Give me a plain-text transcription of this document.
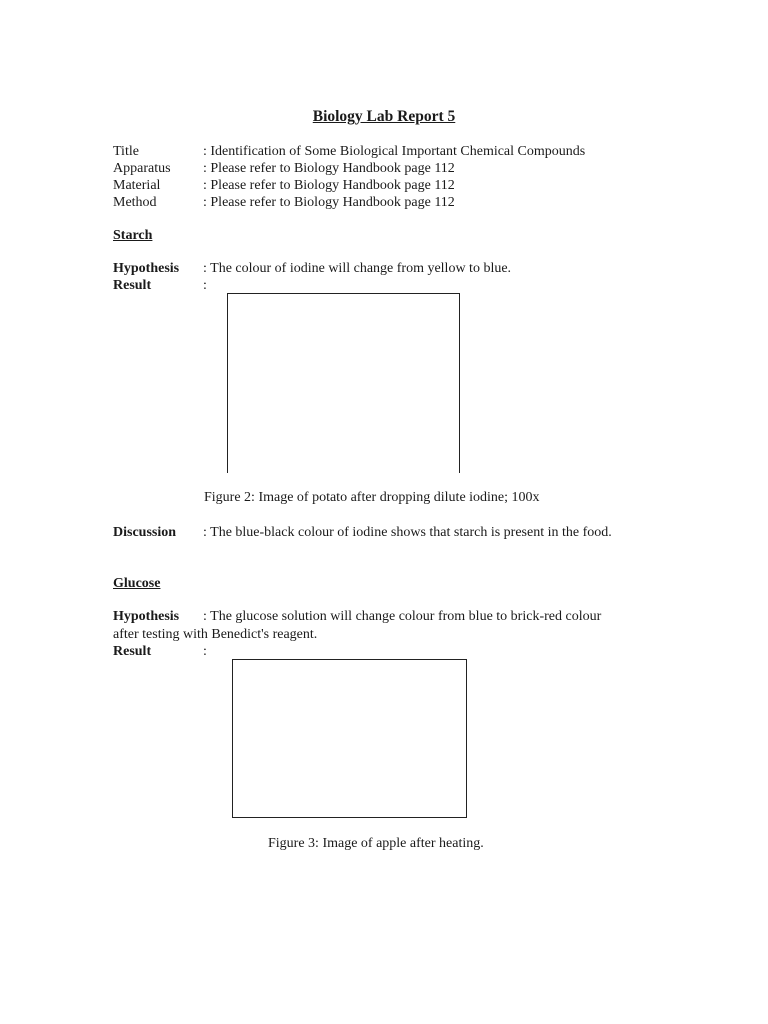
Biology Lab Report 5
Title	: Identification of Some Biological Important Chemical Compounds
Apparatus : Please refer to Biology Handbook page 112
Material	: Please refer to Biology Handbook page 112
Method	: Please refer to Biology Handbook page 112
Starch
Hypothesis : The colour of iodine will change from yellow to blue.
Result	:
Figure 2: Image of potato after dropping dilute iodine; 100x
Discussion : The blue-black colour of iodine shows that starch is present in the food.
Glucose
Hypothesis : The glucose solution will change colour from blue to brick-red colour
after testing with Benedict's reagent.
Result	:
Figure 3: Image of apple after heating.
